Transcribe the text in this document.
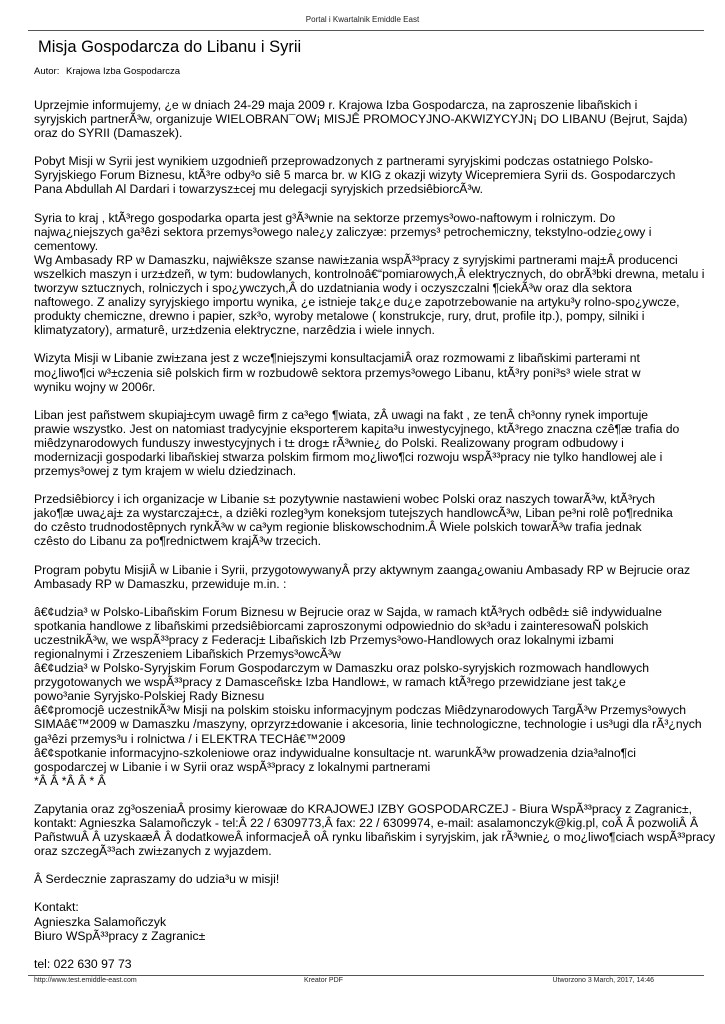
Portal i Kwartalnik Emiddle East
Misja Gospodarcza do Libanu i Syrii
Autor: Krajowa Izba Gospodarcza

Uprzejmie informujemy, ¿e w dniach 24-29 maja 2009 r. Krajowa Izba Gospodarcza, na zaproszenie libañskich i
syryjskich partnerÃ³w, organizuje WIELOBRAN¯OW¡ MISJÊ PROMOCYJNO-AKWIZYCYJN¡ DO LIBANU (Bejrut, Sajda)
oraz do SYRII (Damaszek).

Pobyt Misji w Syrii jest wynikiem uzgodnieñ przeprowadzonych z partnerami syryjskimi podczas ostatniego Polsko-
Syryjskiego Forum Biznesu, ktÃ³re odby³o siê 5 marca br. w KIG z okazji wizyty Wicepremiera Syrii ds. Gospodarczych
Pana Abdullah Al Dardari i towarzysz±cej mu delegacji syryjskich przedsiêbiorcÃ³w.

Syria to kraj , ktÃ³rego gospodarka oparta jest g³Ã³wnie na sektorze przemys³owo-naftowym i rolniczym. Do
najwa¿niejszych ga³êzi sektora przemys³owego nale¿y zaliczyæ: przemys³ petrochemiczny, tekstylno-odzie¿owy i
cementowy.
Wg Ambasady RP w Damaszku, najwiêksze szanse nawi±zania wspÃ³³pracy z syryjskimi partnerami maj±Â producenci
wszelkich maszyn i urz±dzeñ, w tym: budowlanych, kontrolnoâ€“pomiarowych,Â elektrycznych, do obrÃ³bki drewna, metalu i
tworzyw sztucznych, rolniczych i spo¿ywczych,Â do uzdatniania wody i oczyszczalni ¶ciekÃ³w oraz dla sektora
naftowego. Z analizy syryjskiego importu wynika, ¿e istnieje tak¿e du¿e zapotrzebowanie na artyku³y rolno-spo¿ywcze,
produkty chemiczne, drewno i papier, szk³o, wyroby metalowe ( konstrukcje, rury, drut, profile itp.), pompy, silniki i
klimatyzatory), armaturê, urz±dzenia elektryczne, narzêdzia i wiele innych.

Wizyta Misji w Libanie zwi±zana jest z wcze¶niejszymi konsultacjamiÂ oraz rozmowami z libañskimi parterami nt
mo¿liwo¶ci w³±czenia siê polskich firm w rozbudowê sektora przemys³owego Libanu, ktÃ³ry poni³s³ wiele strat w
wyniku wojny w 2006r.

Liban jest pañstwem skupiaj±cym uwagê firm z ca³ego ¶wiata, zÂ uwagi na fakt , ze tenÂ ch³onny rynek importuje
prawie wszystko. Jest on natomiast tradycyjnie eksporterem kapita³u inwestycyjnego, ktÃ³rego znaczna czê¶æ trafia do
miêdzynarodowych funduszy inwestycyjnych i t± drog± rÃ³wnie¿ do Polski. Realizowany program odbudowy i
modernizacji gospodarki libañskiej stwarza polskim firmom mo¿liwo¶ci rozwoju wspÃ³³pracy nie tylko handlowej ale i
przemys³owej z tym krajem w wielu dziedzinach.

Przedsiêbiorcy i ich organizacje w Libanie s± pozytywnie nastawieni wobec Polski oraz naszych towarÃ³w, ktÃ³rych
jako¶æ uwa¿aj± za wystarczaj±c±, a dziêki rozleg³ym koneksjom tutejszych handlowcÃ³w, Liban pe³ni rolê po¶rednika
do czêsto trudnodostêpnych rynkÃ³w w ca³ym regionie bliskowschodnim.Â Wiele polskich towarÃ³w trafia jednak
czêsto do Libanu za po¶rednictwem krajÃ³w trzecich.

Program pobytu MisjiÂ w Libanie i Syrii, przygotowywanyÂ przy aktywnym zaanga¿owaniu Ambasady RP w Bejrucie oraz
Ambasady RP w Damaszku, przewiduje m.in. :

â€¢udzia³ w Polsko-Libañskim Forum Biznesu w Bejrucie oraz w Sajda, w ramach ktÃ³rych odbêd± siê indywidualne
spotkania handlowe z libañskimi przedsiêbiorcami zaproszonymi odpowiednio do sk³adu i zainteresowaÑ polskich
uczestnikÃ³w, we wspÃ³³pracy z Federacj± Libañskich Izb Przemys³owo-Handlowych oraz lokalnymi izbami
regionalnymi i Zrzeszeniem Libañskich Przemys³owcÃ³w
â€¢udzia³ w Polsko-Syryjskim Forum Gospodarczym w Damaszku oraz polsko-syryjskich rozmowach handlowych
przygotowanych we wspÃ³³pracy z Damasceñsk± Izba Handlow±, w ramach ktÃ³rego przewidziane jest tak¿e
powo³anie Syryjsko-Polskiej Rady Biznesu
â€¢promocjê uczestnikÃ³w Misji na polskim stoisku informacyjnym podczas Miêdzynarodowych TargÃ³w Przemys³owych
SIMAâ€™2009 w Damaszku /maszyny, oprzyrz±dowanie i akcesoria, linie technologiczne, technologie i us³ugi dla rÃ³¿nych
ga³êzi przemys³u i rolnictwa / i ELEKTRA TECHâ€™2009
â€¢spotkanie informacyjno-szkoleniowe oraz indywidualne konsultacje nt. warunkÃ³w prowadzenia dzia³alno¶ci
gospodarczej w Libanie i w Syrii oraz wspÃ³³pracy z lokalnymi partnerami
*Â Â *Â Â * Â

Zapytania oraz zg³oszeniaÂ prosimy kierowaæ do KRAJOWEJ IZBY GOSPODARCZEJ - Biura WspÃ³³pracy z Zagranic±,
kontakt: Agnieszka Salamoñczyk - tel:Â 22 / 6309773,Â fax: 22 / 6309974, e-mail: asalamonczyk@kig.pl, coÂ Â pozwoliÂ Â
PañstwuÂ Â uzyskaæÂ Â dodatkoweÂ informacjeÂ oÂ rynku libañskim i syryjskim, jak rÃ³wnie¿ o mo¿liwo¶ciach wspÃ³³pracy
oraz szczegÃ³³ach zwi±zanych z wyjazdem.

Â Serdecznie zapraszamy do udzia³u w misji!

Kontakt:
Agnieszka Salamoñczyk
Biuro WSpÃ³³pracy z Zagranic±

tel: 022 630 97 73

http://www.test.emiddle-east.com	Kreator PDF	Utworzono 3 March, 2017, 14:46
